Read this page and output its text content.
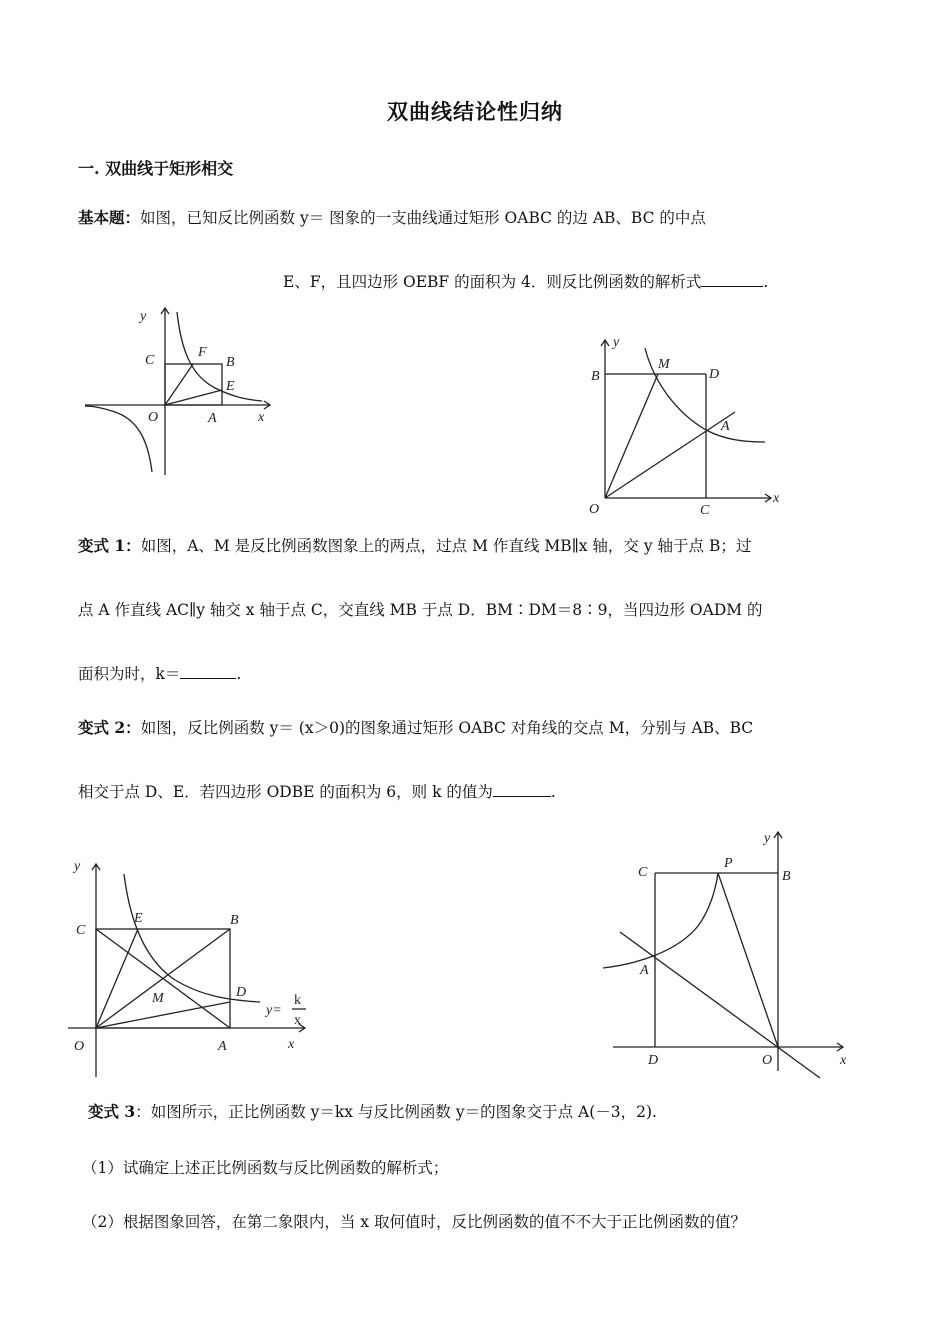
双曲线结论性归纳
一. 双曲线于矩形相交
基本题：如图，已知反比例函数 y＝ 图象的一支曲线通过矩形 OABC 的边 AB、BC 的中点
E、F，且四边形 OEBF 的面积为 4．则反比例函数的解析式	.
y
x
O	A
B
C
E
F
y
x
O
B
M
D
A
C
变式 1：如图，A、M 是反比例函数图象上的两点，过点 M 作直线 MB∥x 轴，交 y 轴于点 B；过
点 A 作直线 AC∥y 轴交 x 轴于点 C，交直线 MB 于点 D．BM∶DM＝8∶9，当四边形 OADM 的
面积为时，k＝	.
变式 2：如图，反比例函数 y＝ (x＞0)的图象通过矩形 OABC 对角线的交点 M，分别与 AB、BC
相交于点 D、E．若四边形 ODBE 的面积为 6，则 k 的值为	.
y
x
O	A
B
C
E
M	D
y=
k
x
y
x
O
P
B
C
A
D
变式 3：如图所示，正比例函数 y＝kx 与反比例函数 y＝的图象交于点 A(－3，2).
（1）试确定上述正比例函数与反比例函数的解析式；
（2）根据图象回答，在第二象限内，当 x 取何值时，反比例函数的值不不大于正比例函数的值？
